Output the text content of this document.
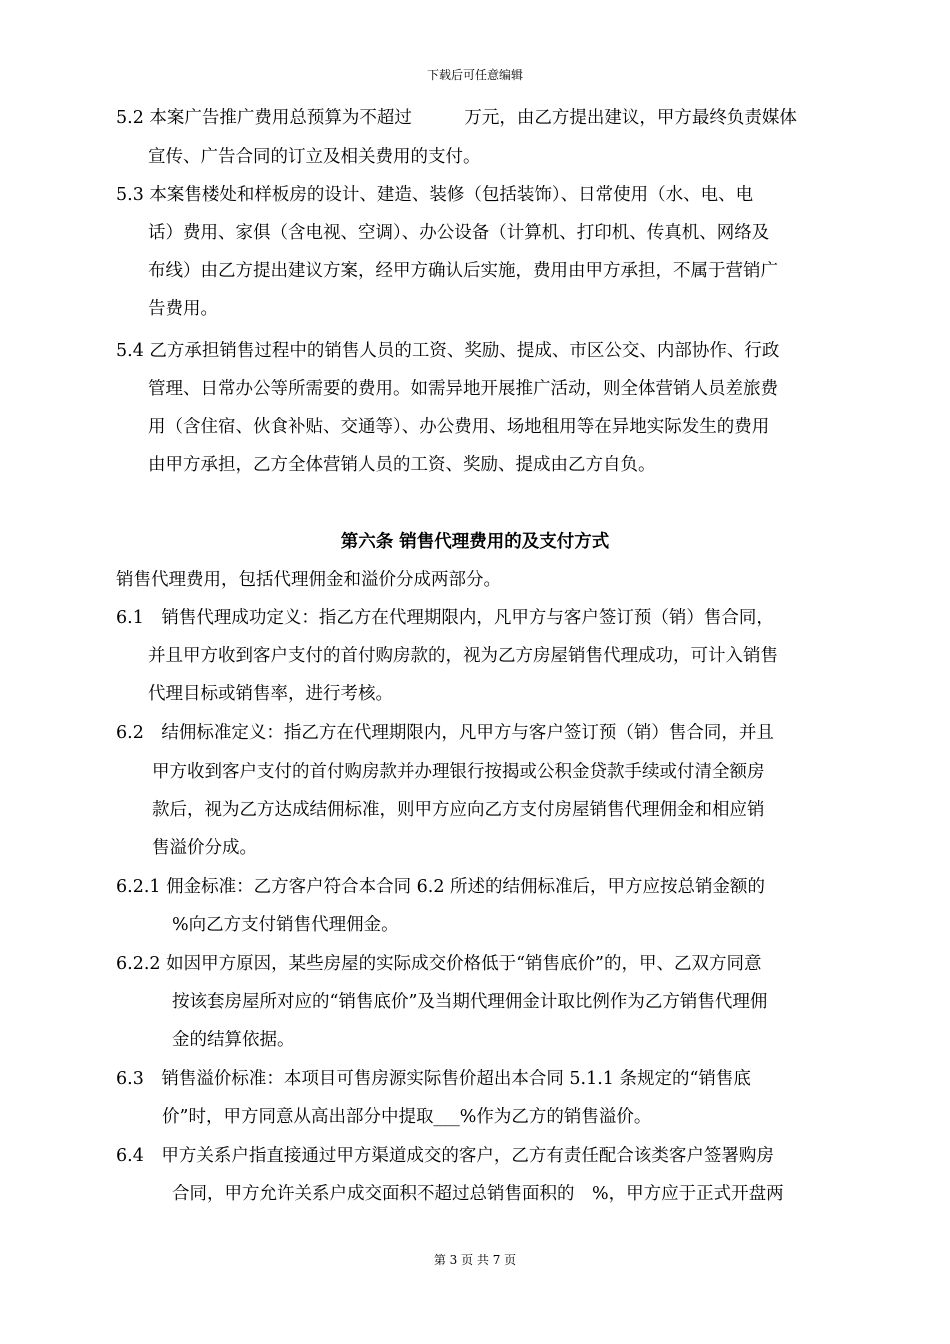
下载后可任意编辑
5.2 本案广告推广费用总预算为不超过　　　万元，由乙方提出建议，甲方最终负责媒体
宣传、广告合同的订立及相关费用的支付。
5.3 本案售楼处和样板房的设计、建造、装修（包括装饰）、日常使用（水、电、电
话）费用、家俱（含电视、空调）、办公设备（计算机、打印机、传真机、网络及
布线）由乙方提出建议方案，经甲方确认后实施，费用由甲方承担，不属于营销广
告费用。
5.4 乙方承担销售过程中的销售人员的工资、奖励、提成、市区公交、内部协作、行政
管理、日常办公等所需要的费用。如需异地开展推广活动，则全体营销人员差旅费
用（含住宿、伙食补贴、交通等）、办公费用、场地租用等在异地实际发生的费用
由甲方承担，乙方全体营销人员的工资、奖励、提成由乙方自负。
第六条 销售代理费用的及支付方式
销售代理费用，包括代理佣金和溢价分成两部分。
6.1　销售代理成功定义：指乙方在代理期限内，凡甲方与客户签订预（销）售合同，
并且甲方收到客户支付的首付购房款的，视为乙方房屋销售代理成功，可计入销售
代理目标或销售率，进行考核。
6.2　结佣标准定义：指乙方在代理期限内，凡甲方与客户签订预（销）售合同，并且
甲方收到客户支付的首付购房款并办理银行按揭或公积金贷款手续或付清全额房
款后，视为乙方达成结佣标准，则甲方应向乙方支付房屋销售代理佣金和相应销
售溢价分成。
6.2.1 佣金标准：乙方客户符合本合同 6.2 所述的结佣标准后，甲方应按总销金额的
%向乙方支付销售代理佣金。
6.2.2 如因甲方原因，某些房屋的实际成交价格低于“销售底价”的，甲、乙双方同意
按该套房屋所对应的“销售底价”及当期代理佣金计取比例作为乙方销售代理佣
金的结算依据。
6.3　销售溢价标准：本项目可售房源实际售价超出本合同 5.1.1 条规定的“销售底
价”时，甲方同意从高出部分中提取___%作为乙方的销售溢价。
6.4　甲方关系户指直接通过甲方渠道成交的客户，乙方有责任配合该类客户签署购房
合同，甲方允许关系户成交面积不超过总销售面积的　%，甲方应于正式开盘两
第 3 页 共 7 页
